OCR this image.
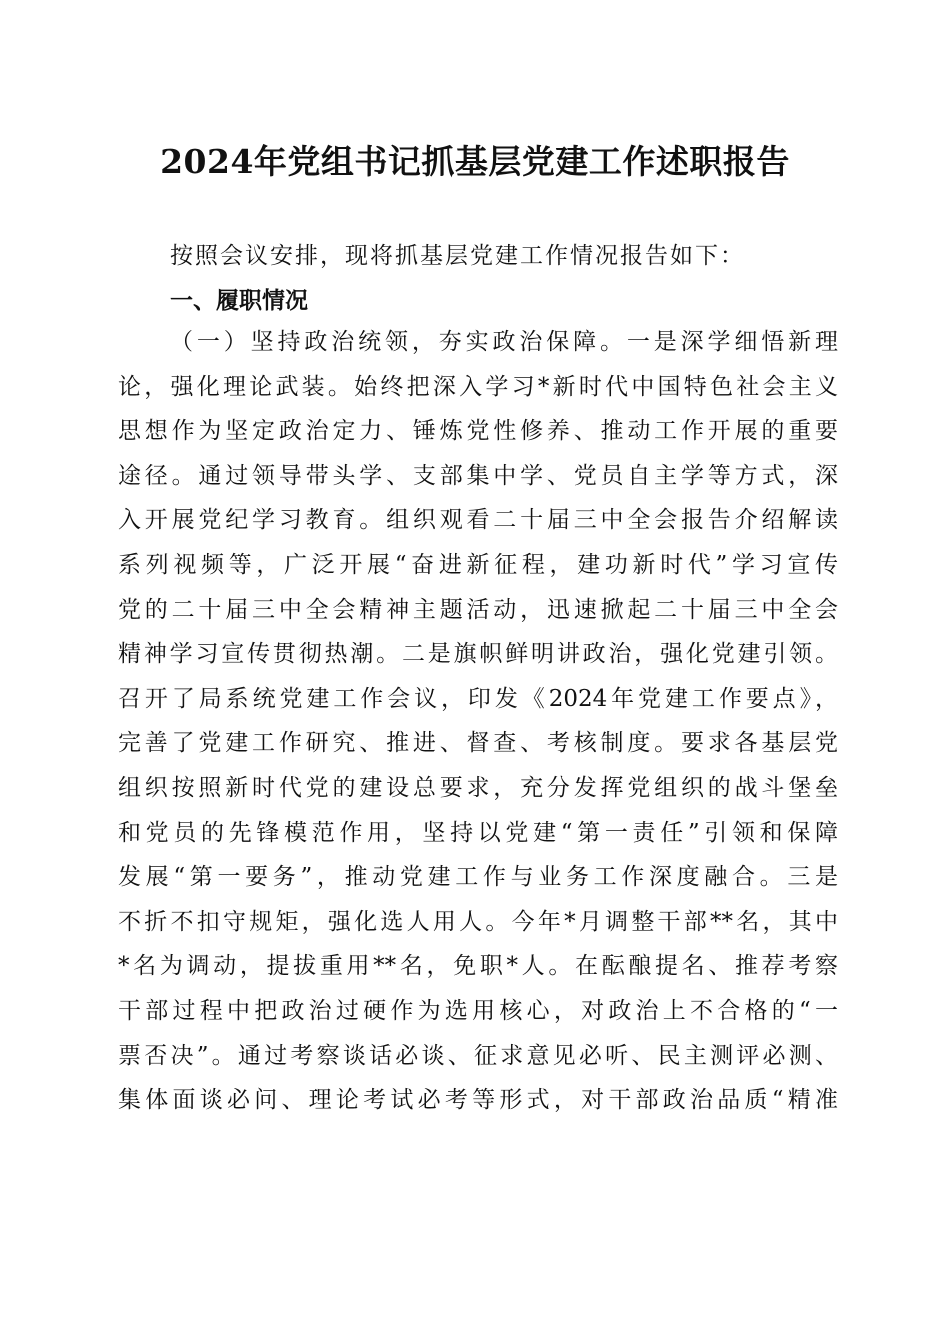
2024年党组书记抓基层党建工作述职报告
按照会议安排，现将抓基层党建工作情况报告如下：
一、履职情况
（一）坚持政治统领，夯实政治保障。一是深学细悟新理
论，强化理论武装。始终把深入学习*新时代中国特色社会主义
思想作为坚定政治定力、锤炼党性修养、推动工作开展的重要
途径。通过领导带头学、支部集中学、党员自主学等方式，深
入开展党纪学习教育。组织观看二十届三中全会报告介绍解读
系列视频等，广泛开展“奋进新征程，建功新时代”学习宣传
党的二十届三中全会精神主题活动，迅速掀起二十届三中全会
精神学习宣传贯彻热潮。二是旗帜鲜明讲政治，强化党建引领。
召开了局系统党建工作会议，印发《2024年党建工作要点》，
完善了党建工作研究、推进、督查、考核制度。要求各基层党
组织按照新时代党的建设总要求，充分发挥党组织的战斗堡垒
和党员的先锋模范作用，坚持以党建“第一责任”引领和保障
发展“第一要务”，推动党建工作与业务工作深度融合。三是
不折不扣守规矩，强化选人用人。今年*月调整干部**名，其中
*名为调动，提拔重用**名，免职*人。在酝酿提名、推荐考察
干部过程中把政治过硬作为选用核心，对政治上不合格的“一
票否决”。通过考察谈话必谈、征求意见必听、民主测评必测、
集体面谈必问、理论考试必考等形式，对干部政治品质“精准
